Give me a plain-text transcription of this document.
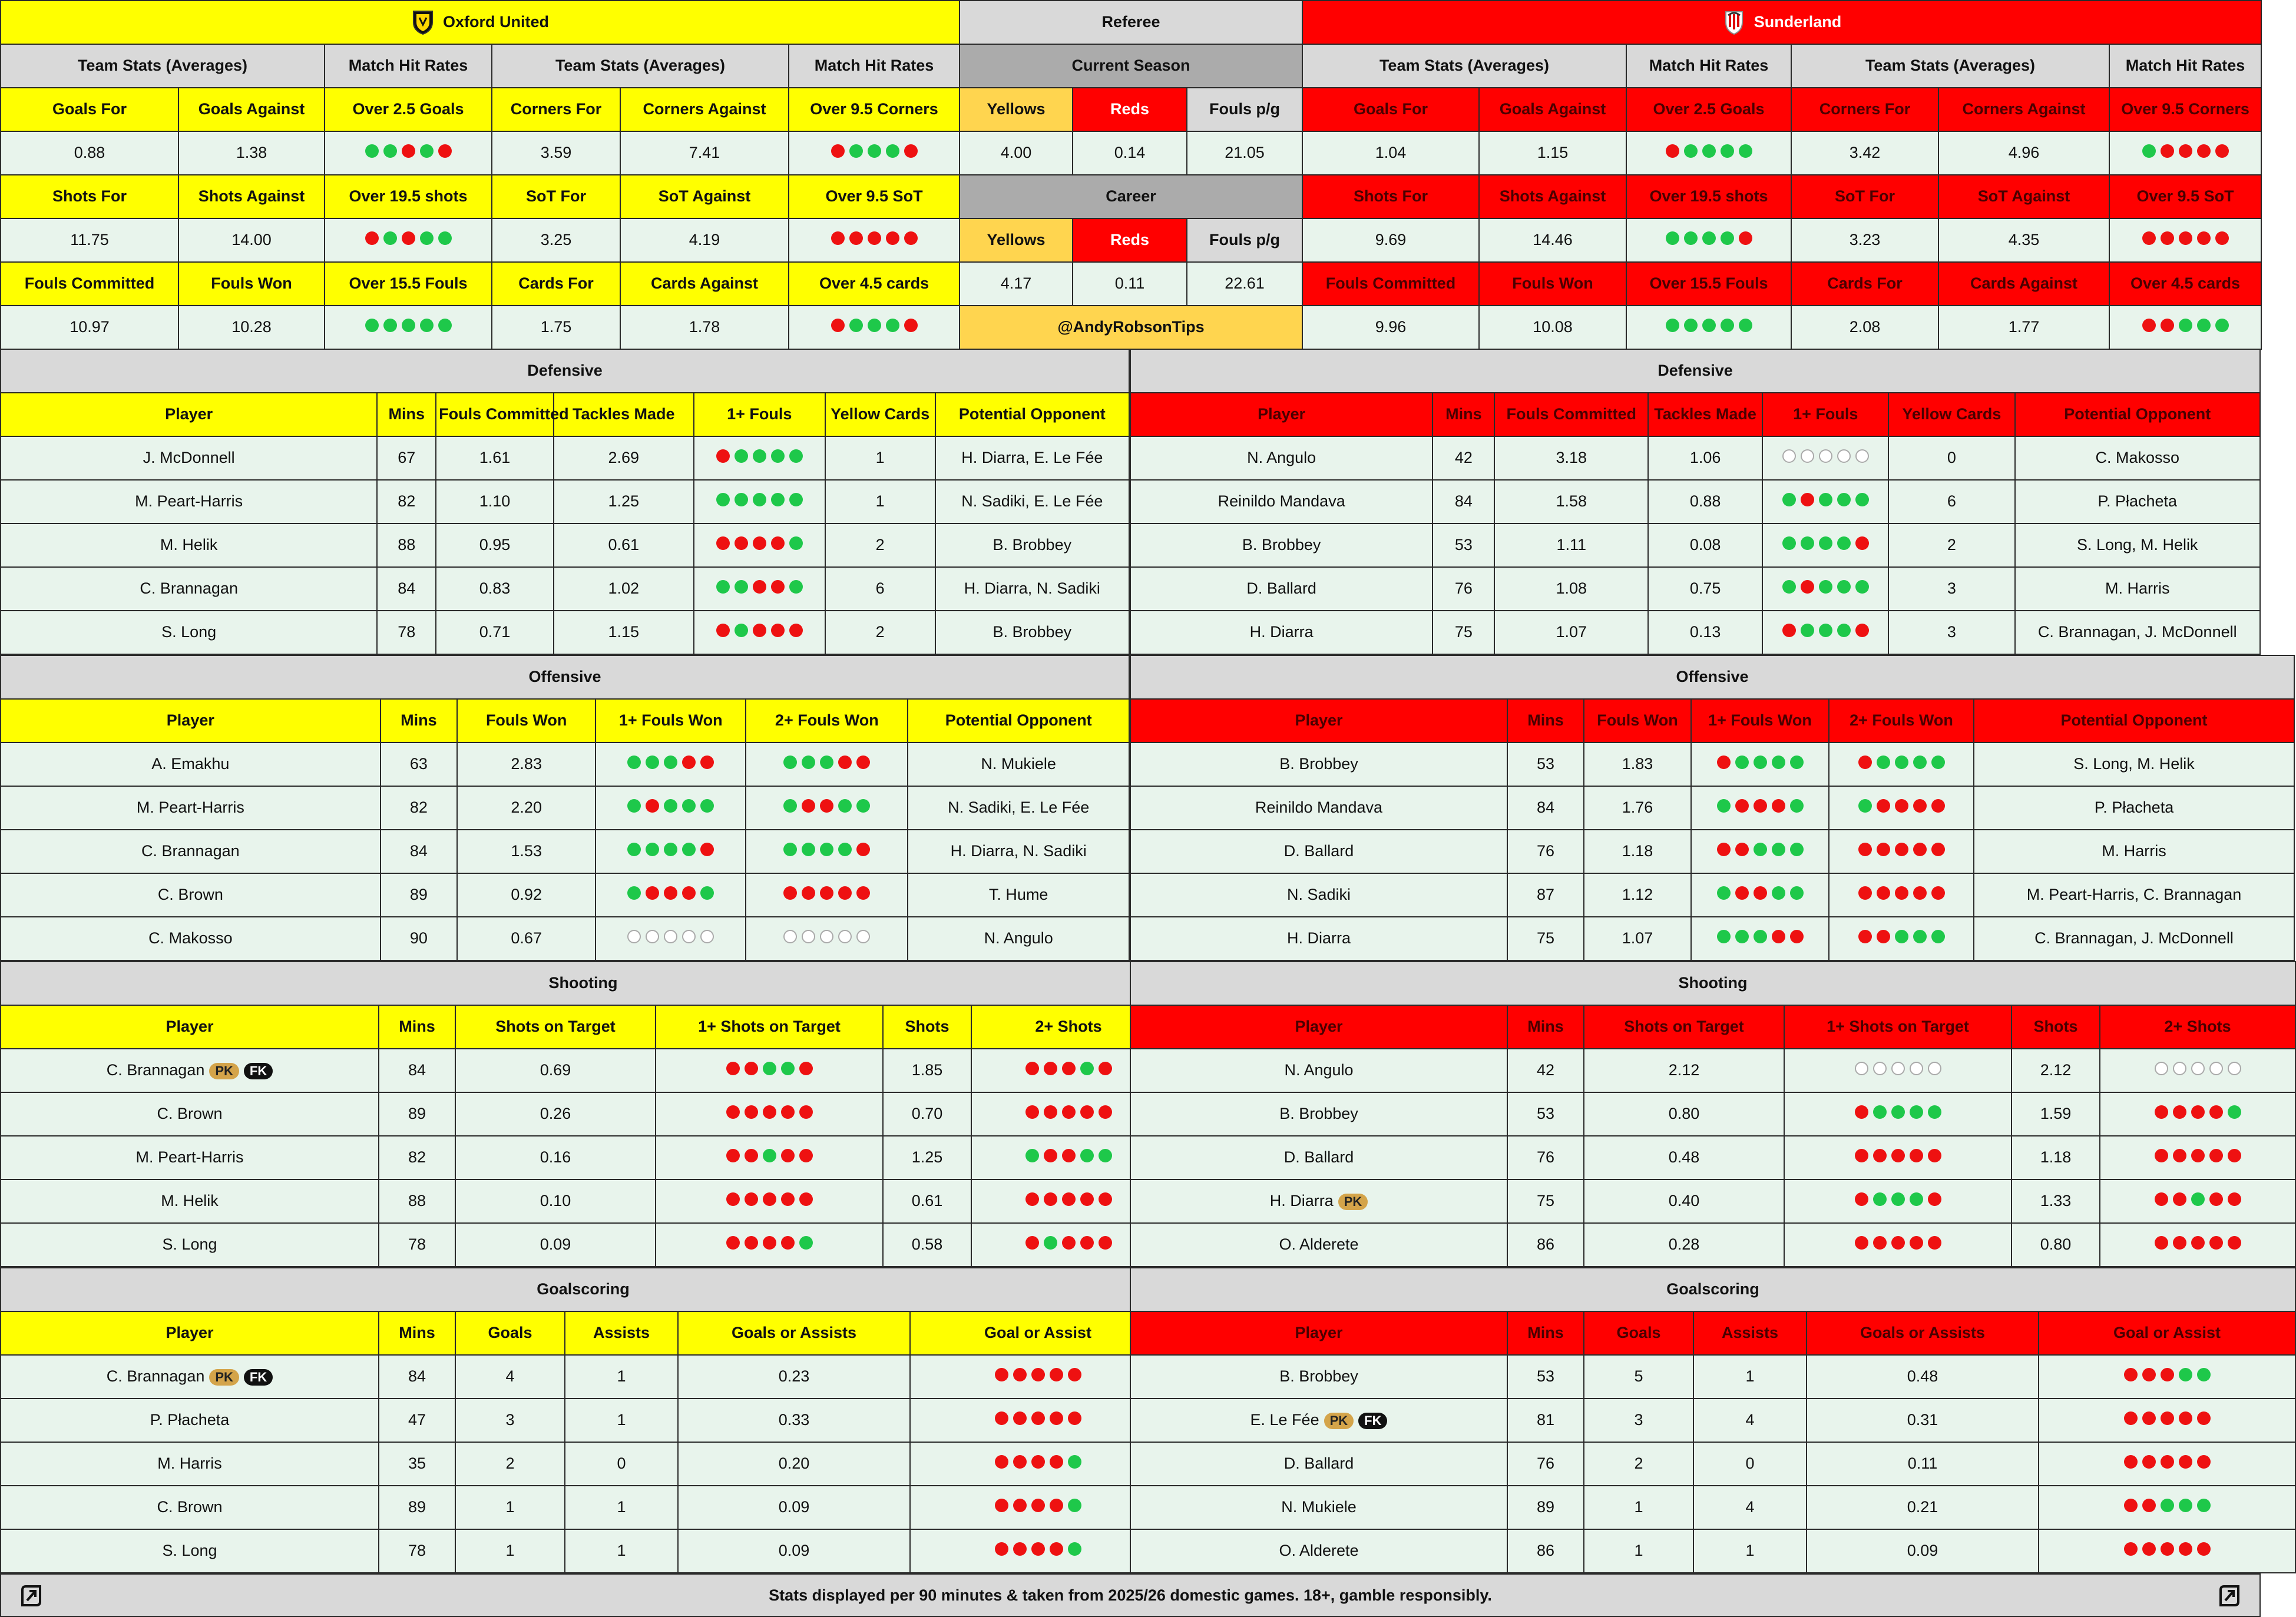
Oxford United					

Team Stats (Averages)		Match Hit Rates	Team Stats (Averages)		Match Hit Rates
Goals For	Goals Against	Over 2.5 Goals	Corners For	Corners Against	Over 9.5 Corners
0.88	1.38		3.59	7.41	

Shots For	Shots Against	Over 19.5 shots	SoT For	SoT Against	Over 9.5 SoT
11.75	14.00		3.25	4.19	

Fouls Committed	Fouls Won	Over 15.5 Fouls	Cards For	Cards Against	Over 4.5 cards
10.97	10.28		1.75	1.78	
Referee		
Current Season		
Yellows	Reds	Fouls p/g
4.00	0.14	21.05
Career		
Yellows	Reds	Fouls p/g
4.17	0.11	22.61
@AndyRobsonTips		
Sunderland					

Team Stats (Averages)		Match Hit Rates	Team Stats (Averages)		Match Hit Rates
Goals For	Goals Against	Over 2.5 Goals	Corners For	Corners Against	Over 9.5 Corners
1.04	1.15		3.42	4.96	

Shots For	Shots Against	Over 19.5 shots	SoT For	SoT Against	Over 9.5 SoT
9.69	14.46		3.23	4.35	

Fouls Committed	Fouls Won	Over 15.5 Fouls	Cards For	Cards Against	Over 4.5 cards
9.96	10.08		2.08	1.77	
Defensive						
Player	Mins	Fouls Committed	Tackles Made	1+ Fouls	Yellow Cards	Potential Opponent
J. McDonnell	67	1.61	2.69		1	H. Diarra, E. Le Fée
M. Peart-Harris	82	1.10	1.25		1	N. Sadiki, E. Le Fée
M. Helik	88	0.95	0.61		2	B. Brobbey
C. Brannagan	84	0.83	1.02		6	H. Diarra, N. Sadiki
S. Long	78	0.71	1.15		2	B. Brobbey
Defensive						
Player	Mins	Fouls Committed	Tackles Made	1+ Fouls	Yellow Cards	Potential Opponent
N. Angulo	42	3.18	1.06		0	C. Makosso
Reinildo Mandava	84	1.58	0.88		6	P. Płacheta
B. Brobbey	53	1.11	0.08		2	S. Long, M. Helik
D. Ballard	76	1.08	0.75		3	M. Harris
H. Diarra	75	1.07	0.13		3	C. Brannagan, J. McDonnell
Offensive					
Player	Mins	Fouls Won	1+ Fouls Won	2+ Fouls Won	Potential Opponent
A. Emakhu	63	2.83			N. Mukiele
M. Peart-Harris	82	2.20			N. Sadiki, E. Le Fée
C. Brannagan	84	1.53			H. Diarra, N. Sadiki
C. Brown	89	0.92			T. Hume
C. Makosso	90	0.67			N. Angulo
Offensive					
Player	Mins	Fouls Won	1+ Fouls Won	2+ Fouls Won	Potential Opponent
B. Brobbey	53	1.83			S. Long, M. Helik
Reinildo Mandava	84	1.76			P. Płacheta
D. Ballard	76	1.18			M. Harris
N. Sadiki	87	1.12			M. Peart-Harris, C. Brannagan
H. Diarra	75	1.07			C. Brannagan, J. McDonnell
Shooting					
Player	Mins	Shots on Target	1+ Shots on Target	Shots	2+ Shots
C. Brannagan PK FK	84	0.69		1.85	

C. Brown	89	0.26		0.70	

M. Peart-Harris	82	0.16		1.25	

M. Helik	88	0.10		0.61	

S. Long	78	0.09		0.58	
Shooting					
Player	Mins	Shots on Target	1+ Shots on Target	Shots	2+ Shots
N. Angulo	42	2.12		2.12	

B. Brobbey	53	0.80		1.59	

D. Ballard	76	0.48		1.18	

H. Diarra PK	75	0.40		1.33	

O. Alderete	86	0.28		0.80	
Goalscoring					
Player	Mins	Goals	Assists	Goals or Assists	Goal or Assist
C. Brannagan PK FK	84	4	1	0.23	

P. Płacheta	47	3	1	0.33	

M. Harris	35	2	0	0.20	

C. Brown	89	1	1	0.09	

S. Long	78	1	1	0.09	
Goalscoring					
Player	Mins	Goals	Assists	Goals or Assists	Goal or Assist
B. Brobbey	53	5	1	0.48	

E. Le Fée PK FK	81	3	4	0.31	

D. Ballard	76	2	0	0.11	

N. Mukiele	89	1	4	0.21	

O. Alderete	86	1	1	0.09	
Stats displayed per 90 minutes & taken from 2025/26 domestic games. 18+, gamble responsibly.
